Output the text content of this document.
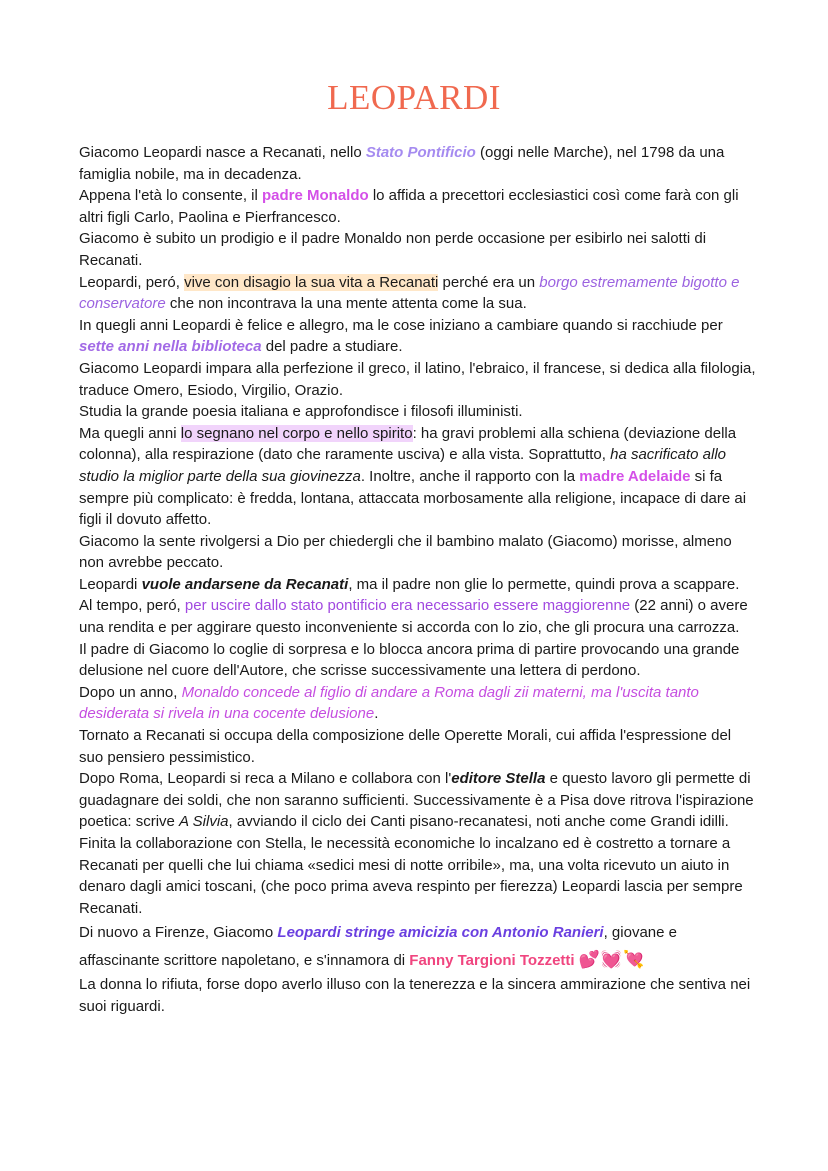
LEOPARDI

Giacomo Leopardi nasce a Recanati, nello Stato Pontificio (oggi nelle Marche), nel 1798 da una famiglia nobile, ma in decadenza.

Appena l'età lo consente, il padre Monaldo lo affida a precettori ecclesiastici così come farà con gli altri figli Carlo, Paolina e Pierfrancesco.

Giacomo è subito un prodigio e il padre Monaldo non perde occasione per esibirlo nei salotti di Recanati.

Leopardi, peró, vive con disagio la sua vita a Recanati perché era un borgo estremamente bigotto e conservatore che non incontrava la una mente attenta come la sua.

In quegli anni Leopardi è felice e allegro, ma le cose iniziano a cambiare quando si racchiude per sette anni nella biblioteca del padre a studiare.

Giacomo Leopardi impara alla perfezione il greco, il latino, l'ebraico, il francese, si dedica alla filologia, traduce Omero, Esiodo, Virgilio, Orazio.

Studia la grande poesia italiana e approfondisce i filosofi illuministi.

Ma quegli anni lo segnano nel corpo e nello spirito: ha gravi problemi alla schiena (deviazione della colonna), alla respirazione (dato che raramente usciva) e alla vista. Soprattutto, ha sacrificato allo studio la miglior parte della sua giovinezza. Inoltre, anche il rapporto con la madre Adelaide si fa sempre più complicato: è fredda, lontana, attaccata morbosamente alla religione, incapace di dare ai figli il dovuto affetto.

Giacomo la sente rivolgersi a Dio per chiedergli che il bambino malato (Giacomo) morisse, almeno non avrebbe peccato.

Leopardi vuole andarsene da Recanati, ma il padre non glie lo permette, quindi prova a scappare.

Al tempo, peró, per uscire dallo stato pontificio era necessario essere maggiorenne (22 anni) o avere una rendita e per aggirare questo inconveniente si accorda con lo zio, che gli procura una carrozza.

Il padre di Giacomo lo coglie di sorpresa e lo blocca ancora prima di partire provocando una grande delusione nel cuore dell'Autore, che scrisse successivamente una lettera di perdono.

Dopo un anno, Monaldo concede al figlio di andare a Roma dagli zii materni, ma l'uscita tanto desiderata si rivela in una cocente delusione.

Tornato a Recanati si occupa della composizione delle Operette Morali, cui affida l'espressione del suo pensiero pessimistico.

Dopo Roma, Leopardi si reca a Milano e collabora con l'editore Stella e questo lavoro gli permette di guadagnare dei soldi, che non saranno sufficienti. Successivamente è a Pisa dove ritrova l'ispirazione poetica: scrive A Silvia, avviando il ciclo dei Canti pisano-recanatesi, noti anche come Grandi idilli.

Finita la collaborazione con Stella, le necessità economiche lo incalzano ed è costretto a tornare a Recanati per quelli che lui chiama «sedici mesi di notte orribile», ma, una volta ricevuto un aiuto in denaro dagli amici toscani, (che poco prima aveva respinto per fierezza) Leopardi lascia per sempre Recanati.

Di nuovo a Firenze, Giacomo Leopardi stringe amicizia con Antonio Ranieri, giovane e affascinante scrittore napoletano, e s'innamora di Fanny Targioni Tozzetti 💕💓💘

La donna lo rifiuta, forse dopo averlo illuso con la tenerezza e la sincera ammirazione che sentiva nei suoi riguardi.
